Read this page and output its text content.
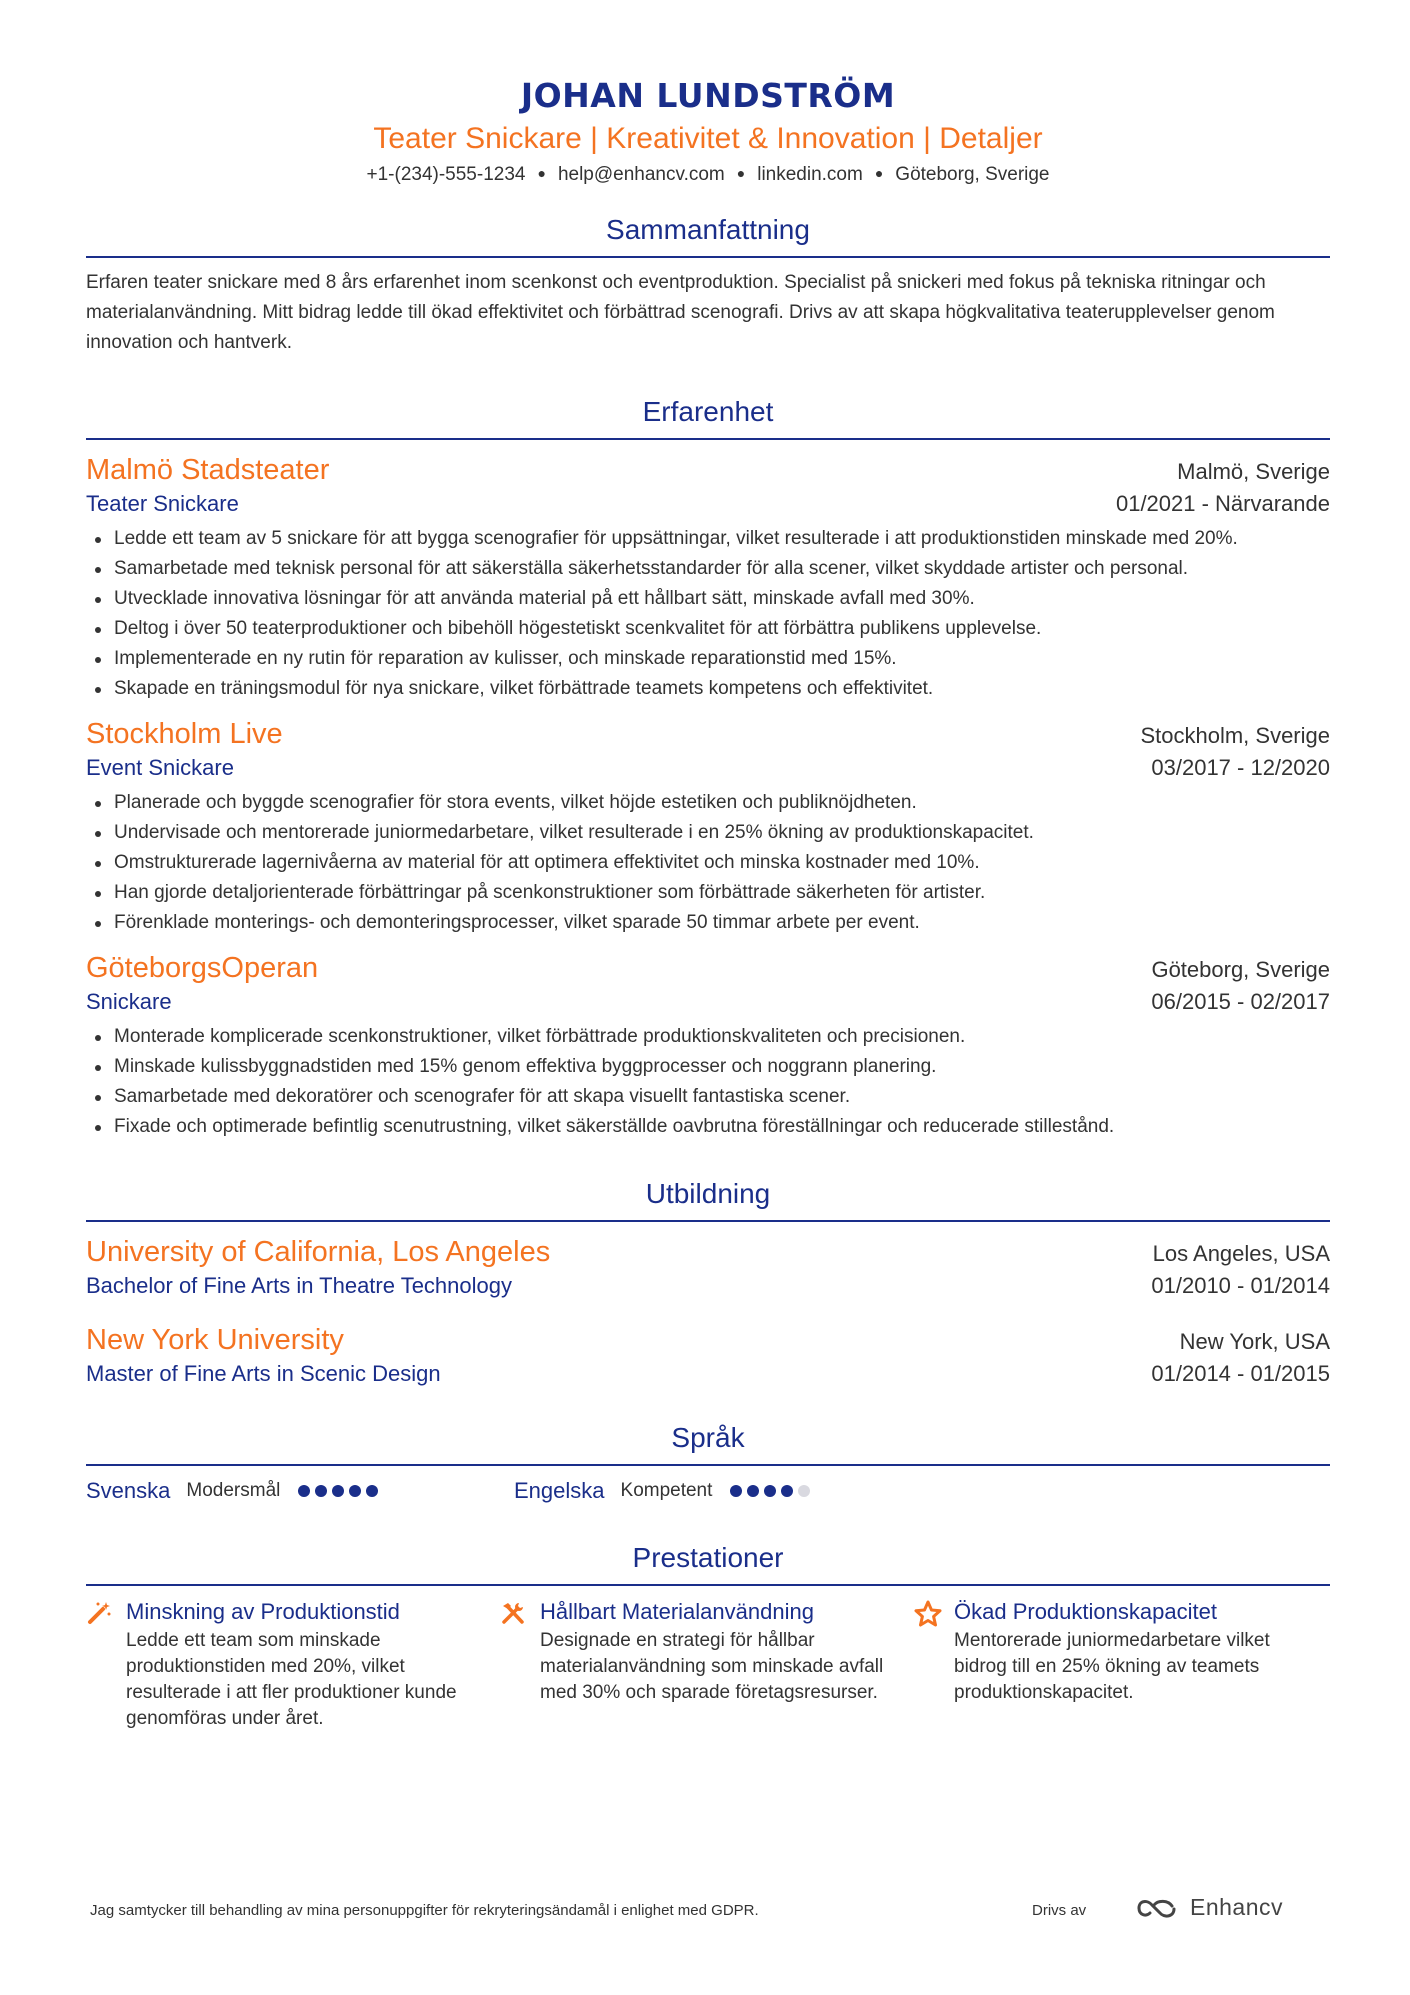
JOHAN LUNDSTRÖM
Teater Snickare | Kreativitet & Innovation | Detaljer
+1-(234)-555-1234 ● help@enhancv.com ● linkedin.com ● Göteborg, Sverige
Sammanfattning
Erfaren teater snickare med 8 års erfarenhet inom scenkonst och eventproduktion. Specialist på snickeri med fokus på tekniska ritningar och materialanvändning. Mitt bidrag ledde till ökad effektivitet och förbättrad scenografi. Drivs av att skapa högkvalitativa teaterupplevelser genom innovation och hantverk.
Erfarenhet
Malmö Stadsteater	Malmö, Sverige
Teater Snickare	01/2021 - Närvarande
Ledde ett team av 5 snickare för att bygga scenografier för uppsättningar, vilket resulterade i att produktionstiden minskade med 20%.
Samarbetade med teknisk personal för att säkerställa säkerhetsstandarder för alla scener, vilket skyddade artister och personal.
Utvecklade innovativa lösningar för att använda material på ett hållbart sätt, minskade avfall med 30%.
Deltog i över 50 teaterproduktioner och bibehöll högestetiskt scenkvalitet för att förbättra publikens upplevelse.
Implementerade en ny rutin för reparation av kulisser, och minskade reparationstid med 15%.
Skapade en träningsmodul för nya snickare, vilket förbättrade teamets kompetens och effektivitet.
Stockholm Live	Stockholm, Sverige
Event Snickare	03/2017 - 12/2020
Planerade och byggde scenografier för stora events, vilket höjde estetiken och publiknöjdheten.
Undervisade och mentorerade juniormedarbetare, vilket resulterade i en 25% ökning av produktionskapacitet.
Omstrukturerade lagernivåerna av material för att optimera effektivitet och minska kostnader med 10%.
Han gjorde detaljorienterade förbättringar på scenkonstruktioner som förbättrade säkerheten för artister.
Förenklade monterings- och demonteringsprocesser, vilket sparade 50 timmar arbete per event.
GöteborgsOperan	Göteborg, Sverige
Snickare	06/2015 - 02/2017
Monterade komplicerade scenkonstruktioner, vilket förbättrade produktionskvaliteten och precisionen.
Minskade kulissbyggnadstiden med 15% genom effektiva byggprocesser och noggrann planering.
Samarbetade med dekoratörer och scenografer för att skapa visuellt fantastiska scener.
Fixade och optimerade befintlig scenutrustning, vilket säkerställde oavbrutna föreställningar och reducerade stillestånd.
Utbildning
University of California, Los Angeles	Los Angeles, USA
Bachelor of Fine Arts in Theatre Technology	01/2010 - 01/2014
New York University	New York, USA
Master of Fine Arts in Scenic Design	01/2014 - 01/2015
Språk
Svenska Modersmål	Engelska Kompetent
Prestationer
Minskning av Produktionstid
Ledde ett team som minskade produktionstiden med 20%, vilket resulterade i att fler produktioner kunde genomföras under året.
Hållbart Materialanvändning
Designade en strategi för hållbar materialanvändning som minskade avfall med 30% och sparade företagsresurser.
Ökad Produktionskapacitet
Mentorerade juniormedarbetare vilket bidrog till en 25% ökning av teamets produktionskapacitet.
Jag samtycker till behandling av mina personuppgifter för rekryteringsändamål i enlighet med GDPR.	Drivs av	Enhancv
